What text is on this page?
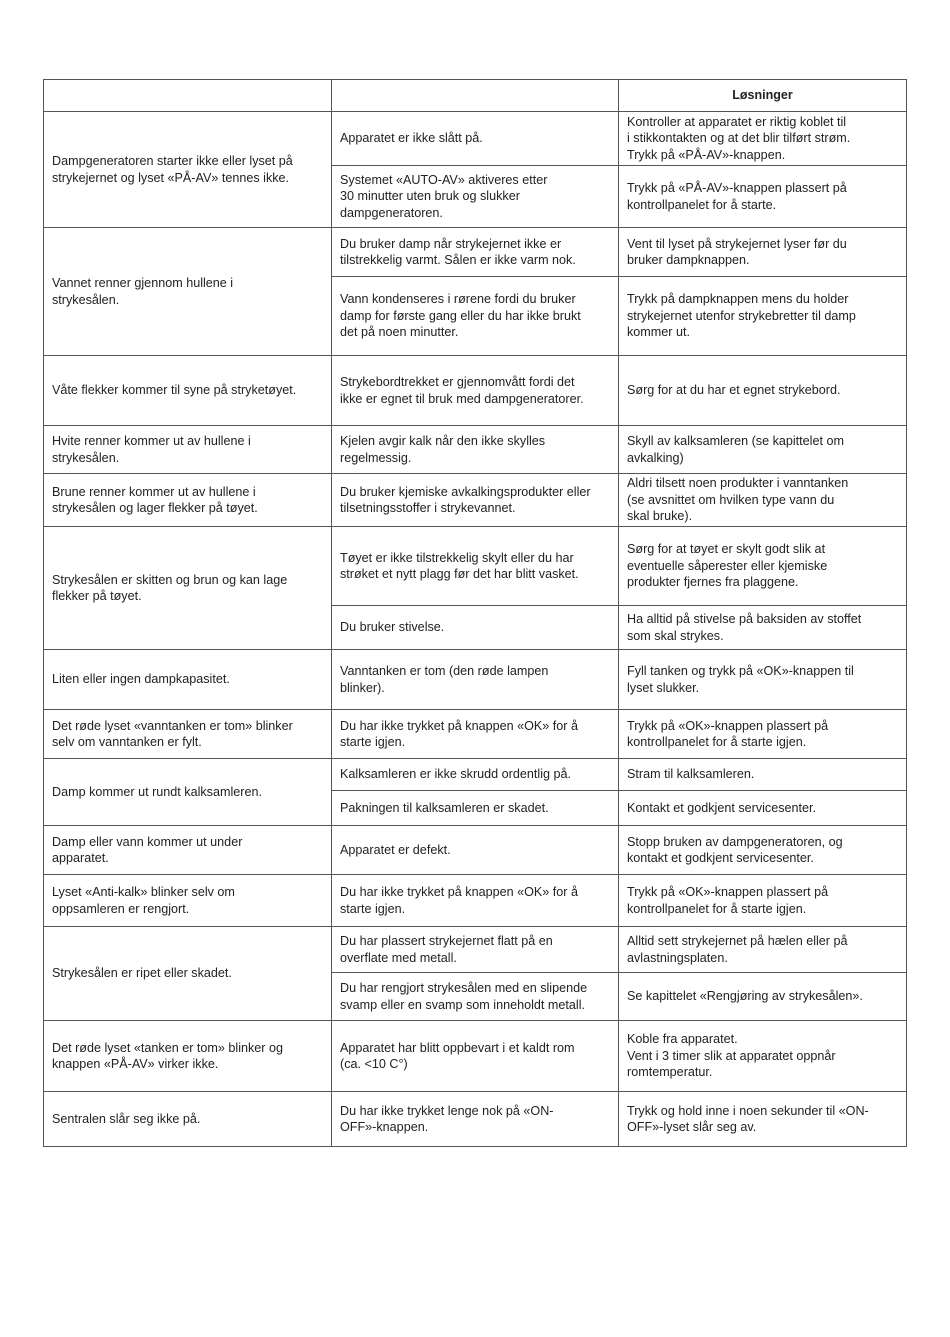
		Løsninger
Dampgeneratoren starter ikke eller lyset på strykejernet og lyset «PÅ-AV» tennes ikke.	Apparatet er ikke slått på.	Kontroller at apparatet er riktig koblet til
i stikkontakten og at det blir tilført strøm.
Trykk på «PÅ-AV»-knappen.
	Systemet «AUTO-AV» aktiveres etter
30 minutter uten bruk og slukker
dampgeneratoren.	Trykk på «PÅ-AV»-knappen plassert på
kontrollpanelet for å starte.
Vannet renner gjennom hullene i
strykesålen.	Du bruker damp når strykejernet ikke er
tilstrekkelig varmt. Sålen er ikke varm nok.	Vent til lyset på strykejernet lyser før du
bruker dampknappen.
	Vann kondenseres i rørene fordi du bruker
damp for første gang eller du har ikke brukt
det på noen minutter.	Trykk på dampknappen mens du holder
strykejernet utenfor strykebretter til damp
kommer ut.
Våte flekker kommer til syne på stryketøyet.	Strykebordtrekket er gjennomvått fordi det
ikke er egnet til bruk med dampgeneratorer.	Sørg for at du har et egnet strykebord.
Hvite renner kommer ut av hullene i
strykesålen.	Kjelen avgir kalk når den ikke skylles
regelmessig.	Skyll av kalksamleren (se kapittelet om
avkalking)
Brune renner kommer ut av hullene i
strykesålen og lager flekker på tøyet.	Du bruker kjemiske avkalkingsprodukter eller
tilsetningsstoffer i strykevannet.	Aldri tilsett noen produkter i vanntanken
(se avsnittet om hvilken type vann du
skal bruke).
Strykesålen er skitten og brun og kan lage
flekker på tøyet.	Tøyet er ikke tilstrekkelig skylt eller du har
strøket et nytt plagg før det har blitt vasket.	Sørg for at tøyet er skylt godt slik at
eventuelle såperester eller kjemiske
produkter fjernes fra plaggene.
	Du bruker stivelse.	Ha alltid på stivelse på baksiden av stoffet
som skal strykes.
Liten eller ingen dampkapasitet.	Vanntanken er tom (den røde lampen
blinker).	Fyll tanken og trykk på «OK»-knappen til
lyset slukker.
Det røde lyset «vanntanken er tom» blinker
selv om vanntanken er fylt.	Du har ikke trykket på knappen «OK» for å
starte igjen.	Trykk på «OK»-knappen plassert på
kontrollpanelet for å starte igjen.
Damp kommer ut rundt kalksamleren.	Kalksamleren er ikke skrudd ordentlig på.	Stram til kalksamleren.
	Pakningen til kalksamleren er skadet.	Kontakt et godkjent servicesenter.
Damp eller vann kommer ut under
apparatet.	Apparatet er defekt.	Stopp bruken av dampgeneratoren, og
kontakt et godkjent servicesenter.
Lyset «Anti-kalk» blinker selv om
oppsamleren er rengjort.	Du har ikke trykket på knappen «OK» for å
starte igjen.	Trykk på «OK»-knappen plassert på
kontrollpanelet for å starte igjen.
Strykesålen er ripet eller skadet.	Du har plassert strykejernet flatt på en
overflate med metall.	Alltid sett strykejernet på hælen eller på
avlastningsplaten.
	Du har rengjort strykesålen med en slipende
svamp eller en svamp som inneholdt metall.	Se kapittelet «Rengjøring av strykesålen».
Det røde lyset «tanken er tom» blinker og
knappen «PÅ-AV» virker ikke.	Apparatet har blitt oppbevart i et kaldt rom
(ca. <10 C°)	Koble fra apparatet.
Vent i 3 timer slik at apparatet oppnår
romtemperatur.
Sentralen slår seg ikke på.	Du har ikke trykket lenge nok på «ON-
OFF»-knappen.	Trykk og hold inne i noen sekunder til «ON-
OFF»-lyset slår seg av.
